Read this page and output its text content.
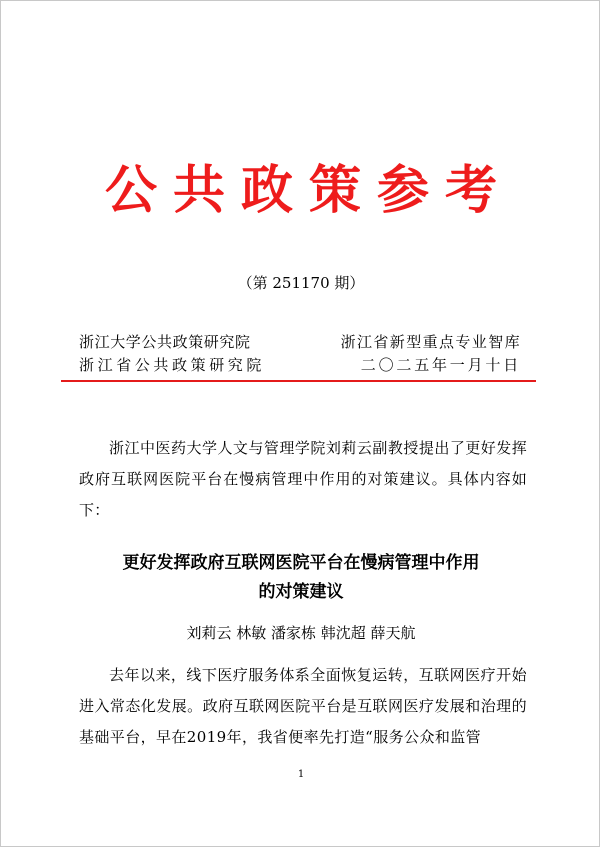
公共政策参考
（第 251170 期）
浙江大学公共政策研究院
浙江省公共政策研究院
浙江省新型重点专业智库
二〇二五年一月十日
浙江中医药大学人文与管理学院刘莉云副教授提出了更好发挥政府互联网医院平台在慢病管理中作用的对策建议。具体内容如下：
更好发挥政府互联网医院平台在慢病管理中作用
的对策建议
刘莉云 林敏 潘家栋 韩沈超 薛天航
去年以来，线下医疗服务体系全面恢复运转，互联网医疗开始进入常态化发展。政府互联网医院平台是互联网医疗发展和治理的基础平台，早在2019年，我省便率先打造“服务公众和监管
1
